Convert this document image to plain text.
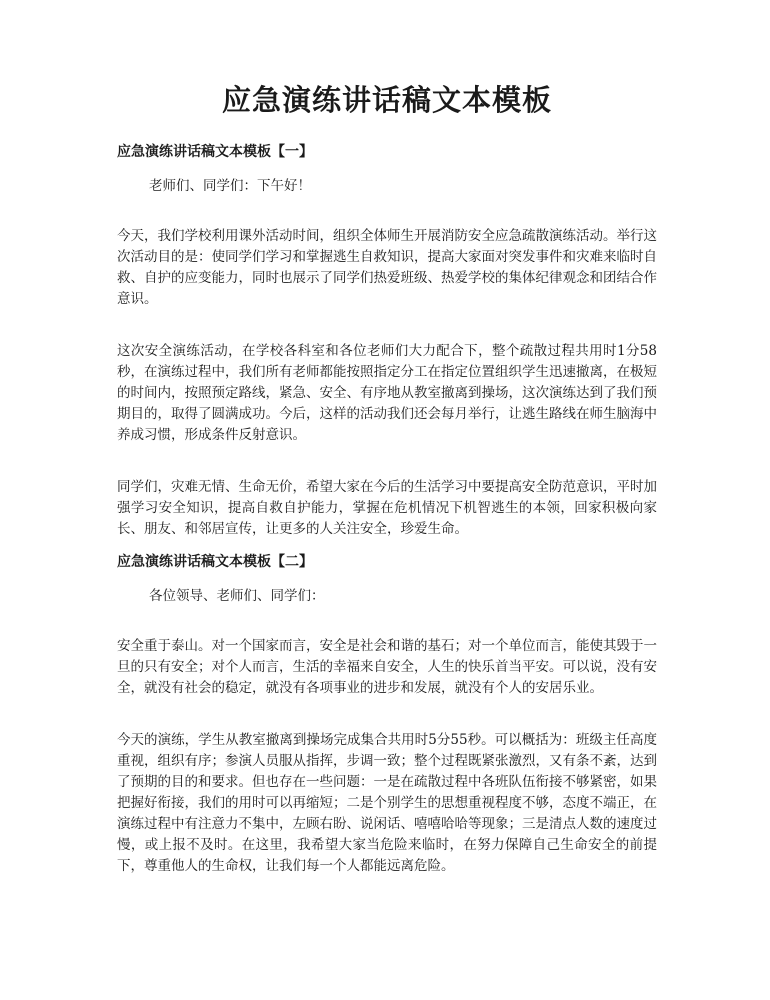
应急演练讲话稿文本模板

应急演练讲话稿文本模板【一】

老师们、同学们：下午好！

今天，我们学校利用课外活动时间，组织全体师生开展消防安全应急疏散演练活动。举行这次活动目的是：使同学们学习和掌握逃生自救知识，提高大家面对突发事件和灾难来临时自救、自护的应变能力，同时也展示了同学们热爱班级、热爱学校的集体纪律观念和团结合作意识。

这次安全演练活动，在学校各科室和各位老师们大力配合下，整个疏散过程共用时1分58秒，在演练过程中，我们所有老师都能按照指定分工在指定位置组织学生迅速撤离，在极短的时间内，按照预定路线，紧急、安全、有序地从教室撤离到操场，这次演练达到了我们预期目的，取得了圆满成功。今后，这样的活动我们还会每月举行，让逃生路线在师生脑海中养成习惯，形成条件反射意识。

同学们，灾难无情、生命无价，希望大家在今后的生活学习中要提高安全防范意识，平时加强学习安全知识，提高自救自护能力，掌握在危机情况下机智逃生的本领，回家积极向家长、朋友、和邻居宣传，让更多的人关注安全，珍爱生命。

应急演练讲话稿文本模板【二】

各位领导、老师们、同学们：

安全重于泰山。对一个国家而言，安全是社会和谐的基石；对一个单位而言，能使其毁于一旦的只有安全；对个人而言，生活的幸福来自安全，人生的快乐首当平安。可以说，没有安全，就没有社会的稳定，就没有各项事业的进步和发展，就没有个人的安居乐业。

今天的演练，学生从教室撤离到操场完成集合共用时5分55秒。可以概括为：班级主任高度重视，组织有序；参演人员服从指挥，步调一致；整个过程既紧张激烈，又有条不紊，达到了预期的目的和要求。但也存在一些问题：一是在疏散过程中各班队伍衔接不够紧密，如果把握好衔接，我们的用时可以再缩短；二是个别学生的思想重视程度不够，态度不端正，在演练过程中有注意力不集中，左顾右盼、说闲话、嘻嘻哈哈等现象；三是清点人数的速度过慢，或上报不及时。在这里，我希望大家当危险来临时，在努力保障自己生命安全的前提下，尊重他人的生命权，让我们每一个人都能远离危险。
